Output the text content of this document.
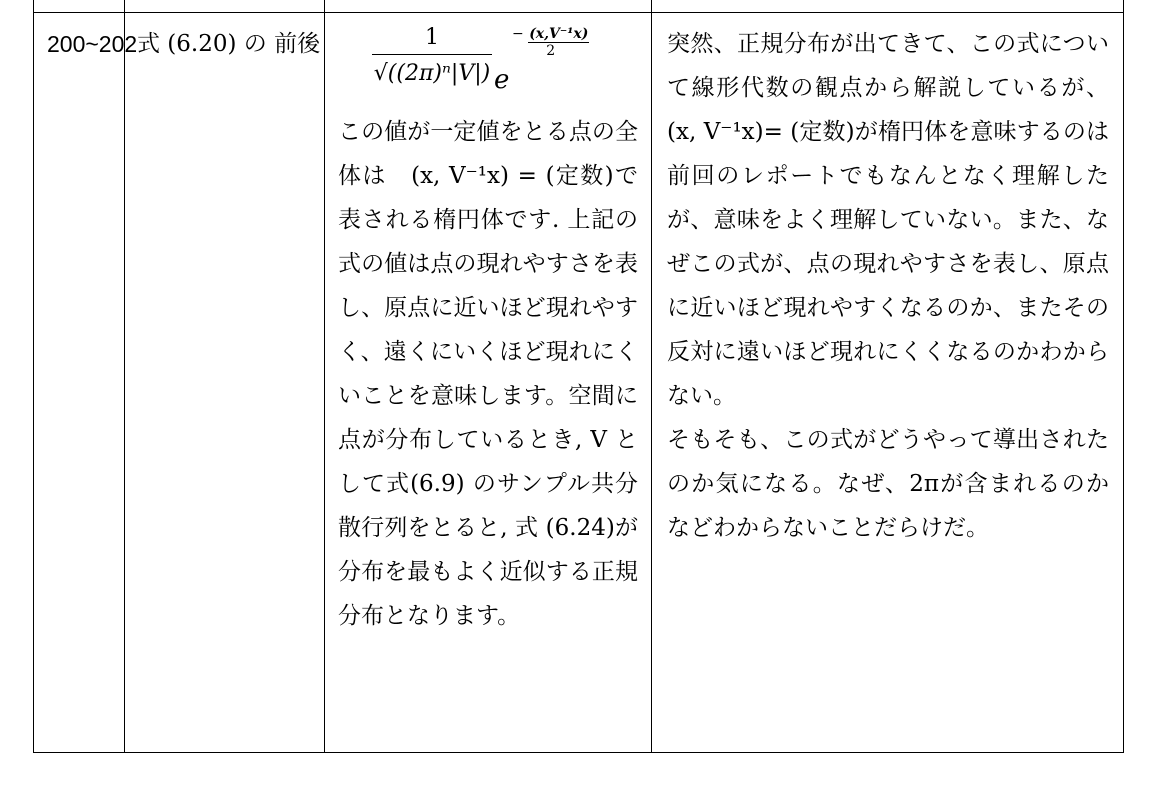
200~202 式 (6.20) の 前後	1
√((2π)ⁿ|V|) e
− (x,V⁻¹x)
2
この値が一定値をとる点の全体は　(x, V⁻¹x) = (定数)で表される楕円体です. 上記の式の値は点の現れやすさを表し、原点に近いほど現れやすく、遠くにいくほど現れにくいことを意味します。空間に点が分布しているとき, V として式(6.9) のサンプル共分散行列をとると, 式 (6.24)が分布を最もよく近似する正規分布となります。
突然、正規分布が出てきて、この式について線形代数の観点から解説しているが、(x, V⁻¹x)= (定数)が楕円体を意味するのは前回のレポートでもなんとなく理解したが、意味をよく理解していない。また、なぜこの式が、点の現れやすさを表し、原点に近いほど現れやすくなるのか、またその反対に遠いほど現れにくくなるのかわからない。
そもそも、この式がどうやって導出されたのか気になる。なぜ、2πが含まれるのかなどわからないことだらけだ。
